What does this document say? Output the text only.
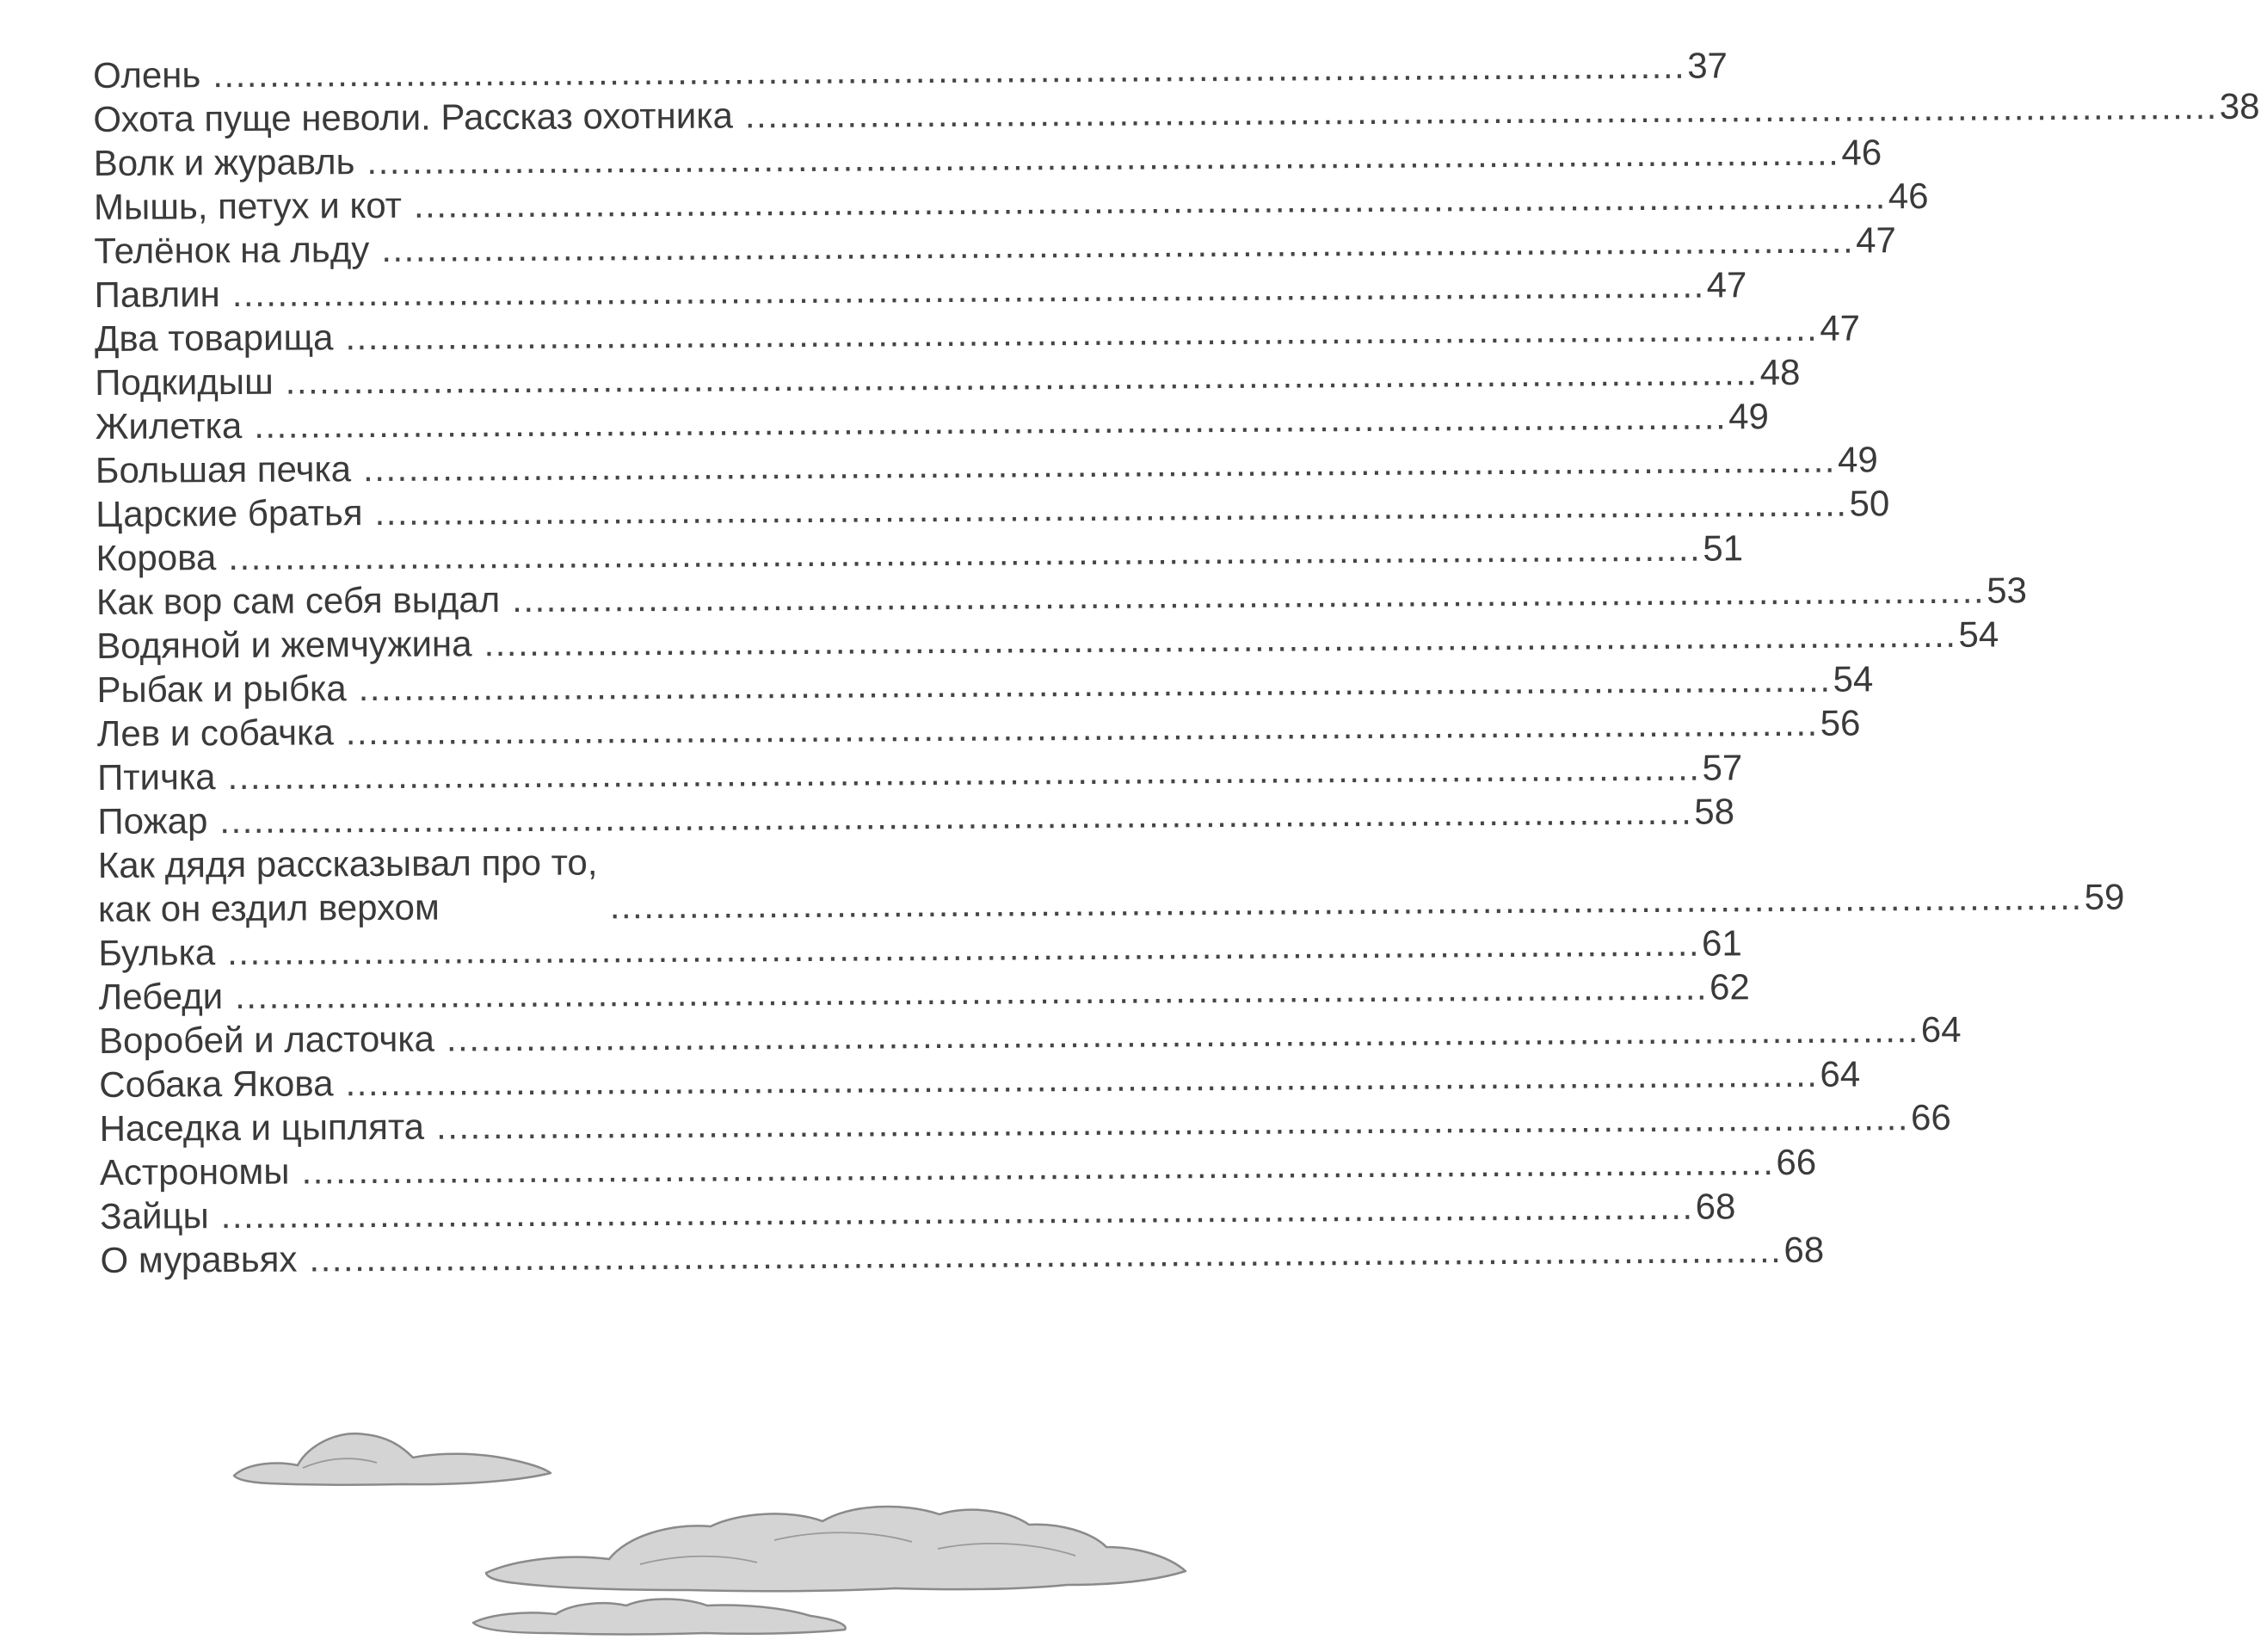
Олень .................................................................................................................................. 37
Охота пуще неволи. Рассказ охотника .................................................................................................................................. 38
Волк и журавль .................................................................................................................................. 46
Мышь, петух и кот .................................................................................................................................. 46
Телёнок на льду .................................................................................................................................. 47
Павлин .................................................................................................................................. 47
Два товарища .................................................................................................................................. 47
Подкидыш .................................................................................................................................. 48
Жилетка .................................................................................................................................. 49
Большая печка .................................................................................................................................. 49
Царские братья .................................................................................................................................. 50
Корова .................................................................................................................................. 51
Как вор сам себя выдал .................................................................................................................................. 53
Водяной и жемчужина .................................................................................................................................. 54
Рыбак и рыбка .................................................................................................................................. 54
Лев и собачка .................................................................................................................................. 56
Птичка .................................................................................................................................. 57
Пожар .................................................................................................................................. 58
Как дядя рассказывал про то,
как он ездил верхом	.................................................................................................................................. 59
Булька .................................................................................................................................. 61
Лебеди .................................................................................................................................. 62
Воробей и ласточка .................................................................................................................................. 64
Собака Якова .................................................................................................................................. 64
Наседка и цыплята .................................................................................................................................. 66
Астрономы .................................................................................................................................. 66
Зайцы .................................................................................................................................. 68
О муравьях .................................................................................................................................. 68
